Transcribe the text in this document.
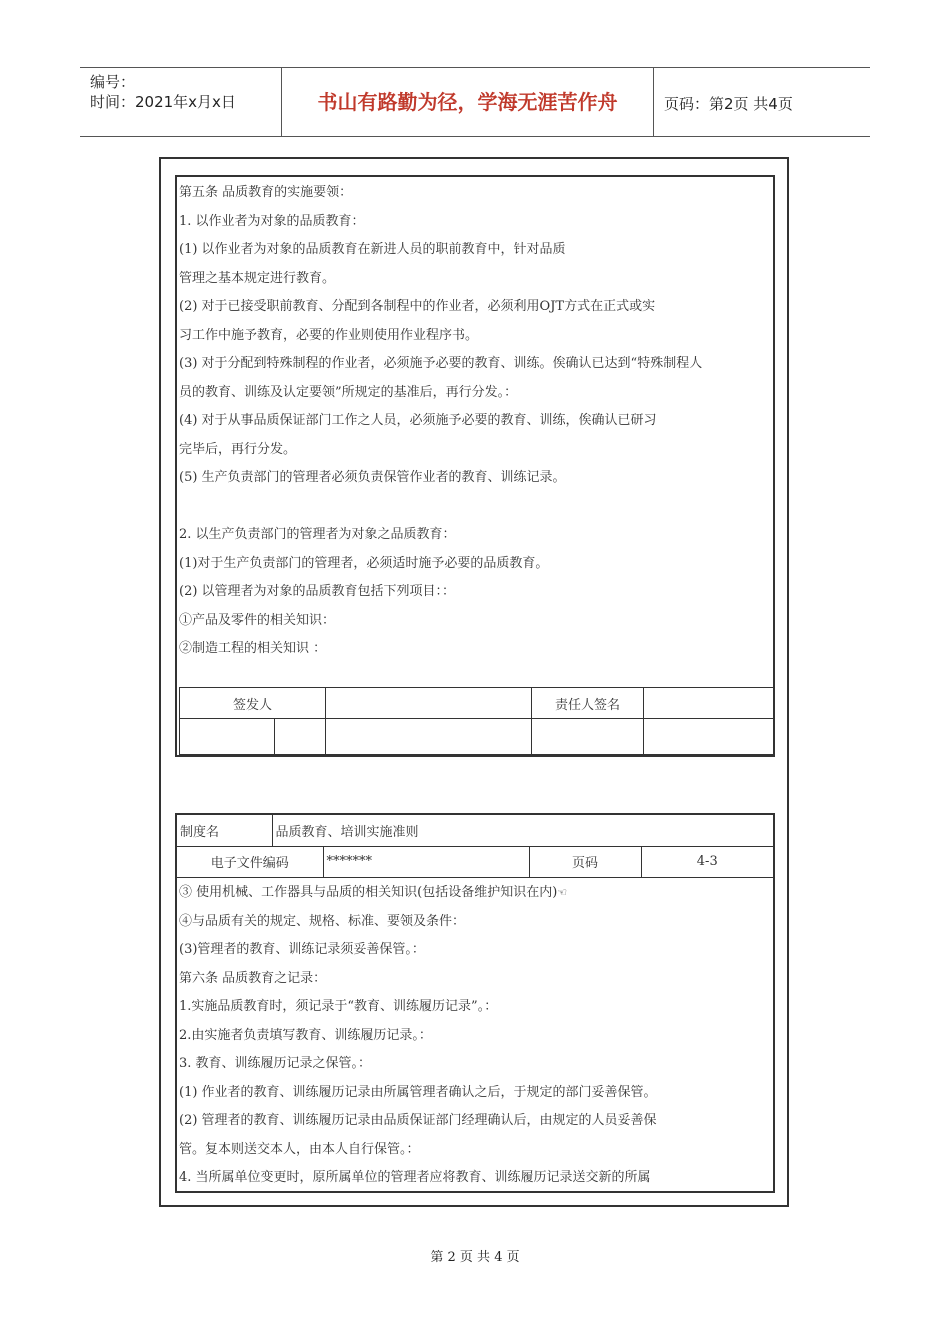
编号：
时间：2021年x月x日	书山有路勤为径，学海无涯苦作舟	页码：第2页 共4页
第五条 品质教育的实施要领：
1. 以作业者为对象的品质教育：
(1) 以作业者为对象的品质教育在新进人员的职前教育中，针对品质
管理之基本规定进行教育。
(2) 对于已接受职前教育、分配到各制程中的作业者，必须利用OJT方式在正式或实
习工作中施予教育，必要的作业则使用作业程序书。
(3) 对于分配到特殊制程的作业者，必须施予必要的教育、训练。俟确认已达到“特殊制程人
员的教育、训练及认定要领”所规定的基准后，再行分发。：
(4) 对于从事品质保证部门工作之人员，必须施予必要的教育、训练，俟确认已研习
完毕后，再行分发。
(5) 生产负责部门的管理者必须负责保管作业者的教育、训练记录。
2. 以生产负责部门的管理者为对象之品质教育：
(1)对于生产负责部门的管理者，必须适时施予必要的品质教育。
(2) 以管理者为对象的品质教育包括下列项目：：
①产品及零件的相关知识：
②制造工程的相关知识 ：
签发人			责任人签名	

制度名	品质教育、培训实施准则			
电子文件编码		*******	页码	4-3
③ 使用机械、工作器具与品质的相关知识(包括设备维护知识在内)☜
④与品质有关的规定、规格、标准、要领及条件：
(3)管理者的教育、训练记录须妥善保管。：
第六条 品质教育之记录：
1.实施品质教育时，须记录于“教育、训练履历记录”。：
2.由实施者负责填写教育、训练履历记录。：
3. 教育、训练履历记录之保管。：
(1) 作业者的教育、训练履历记录由所属管理者确认之后，于规定的部门妥善保管。
(2) 管理者的教育、训练履历记录由品质保证部门经理确认后，由规定的人员妥善保
管。复本则送交本人，由本人自行保管。：
4. 当所属单位变更时，原所属单位的管理者应将教育、训练履历记录送交新的所属
第 2 页 共 4 页
